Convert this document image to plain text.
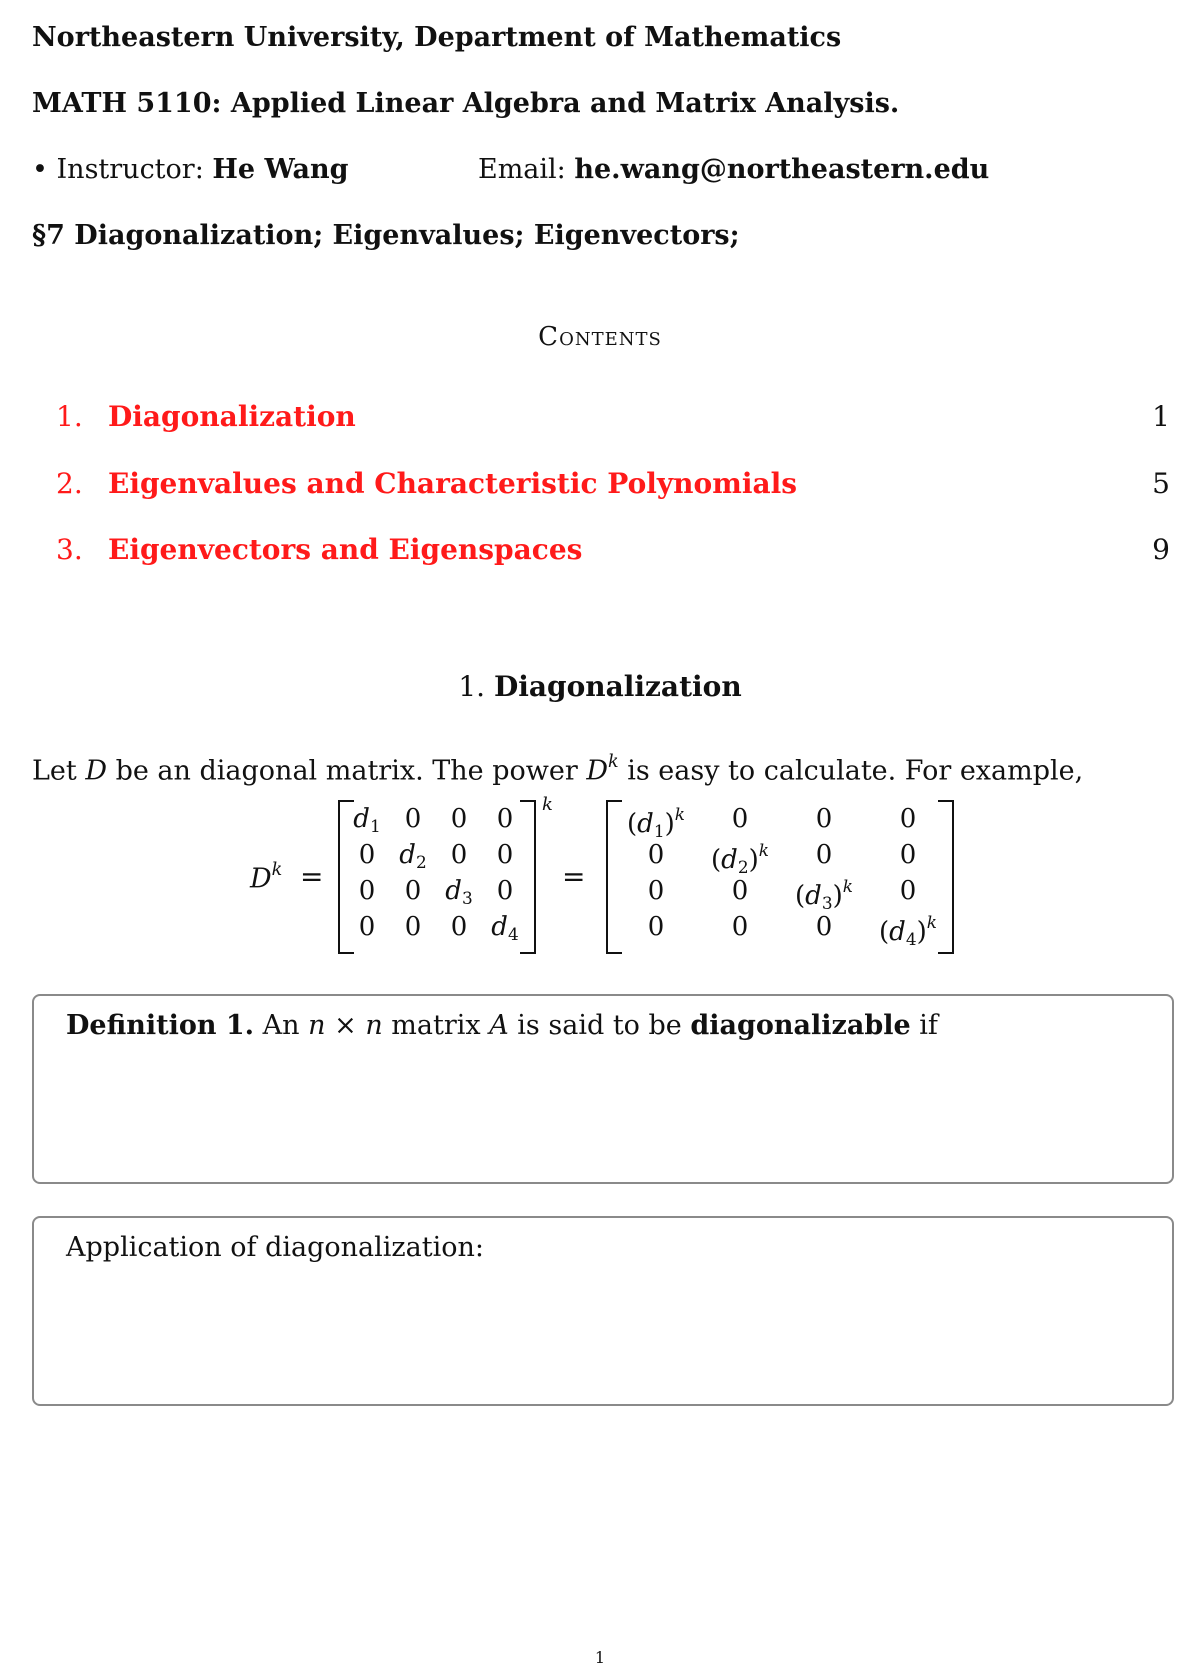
Northeastern University, Department of Mathematics
MATH 5110: Applied Linear Algebra and Matrix Analysis.
• Instructor: He Wang	Email: he.wang@northeastern.edu
§7 Diagonalization; Eigenvalues; Eigenvectors;
Contents
1. Diagonalization	1
2. Eigenvalues and Characteristic Polynomials	5
3. Eigenvectors and Eigenspaces	9
1. Diagonalization
Let D be an diagonal matrix. The power $D^k$ is easy to calculate. For example,
$D^k$ =
$d_1$ 0	0	0
0 $d_2$ 0	0
0	0 $d_3$ 0
0	0	0 $d_4$
k
=
$(d_1)^k$	0	0	0
0	$(d_2)^k$	0	0
0	0	$(d_3)^k$	0
0	0	0	$(d_4)^k$
Definition 1. An n × n matrix A is said to be diagonalizable if
Application of diagonalization:
1
